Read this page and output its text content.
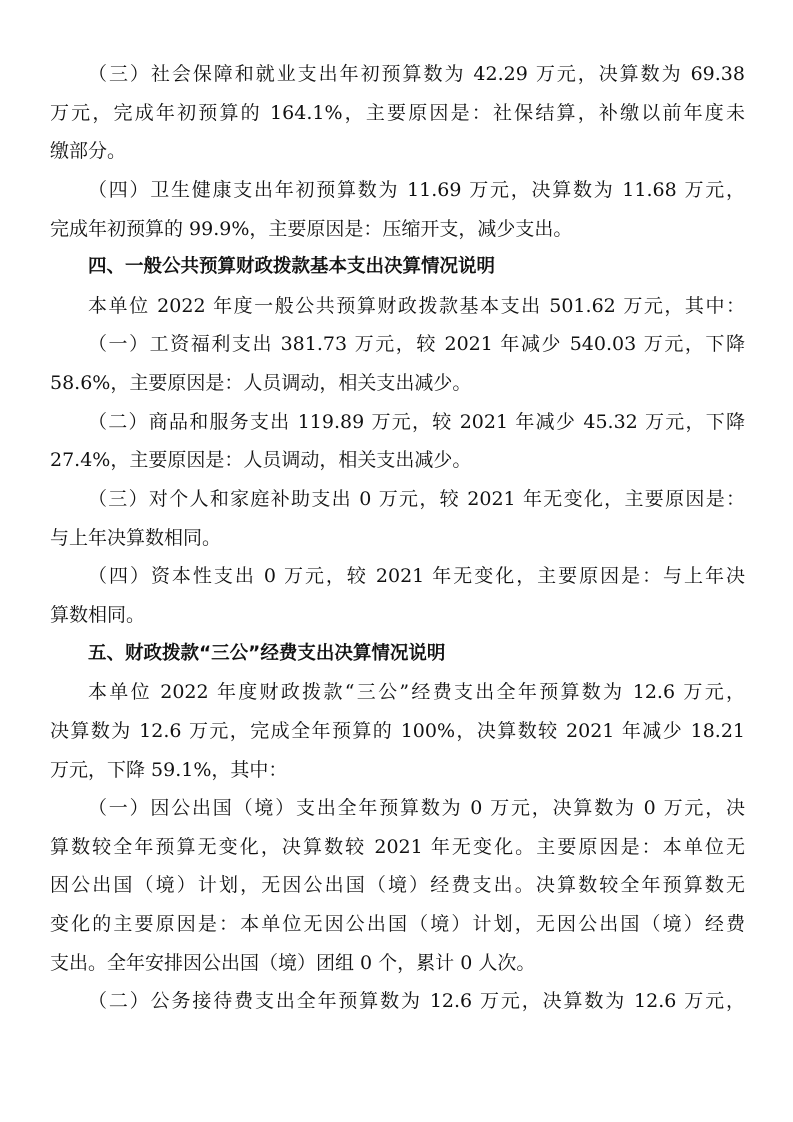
（三）社会保障和就业支出年初预算数为 42.29 万元，决算数为 69.38
万元，完成年初预算的 164.1%，主要原因是：社保结算，补缴以前年度未
缴部分。
（四）卫生健康支出年初预算数为 11.69 万元，决算数为 11.68 万元，
完成年初预算的 99.9%，主要原因是：压缩开支，减少支出。
四、一般公共预算财政拨款基本支出决算情况说明
本单位 2022 年度一般公共预算财政拨款基本支出 501.62 万元，其中：
（一）工资福利支出 381.73 万元，较 2021 年减少 540.03 万元，下降
58.6%，主要原因是：人员调动，相关支出减少。
（二）商品和服务支出 119.89 万元，较 2021 年减少 45.32 万元，下降
27.4%，主要原因是：人员调动，相关支出减少。
（三）对个人和家庭补助支出 0 万元，较 2021 年无变化，主要原因是：
与上年决算数相同。
（四）资本性支出 0 万元，较 2021 年无变化，主要原因是：与上年决
算数相同。
五、财政拨款“三公”经费支出决算情况说明
本单位 2022 年度财政拨款“三公”经费支出全年预算数为 12.6 万元，
决算数为 12.6 万元，完成全年预算的 100%，决算数较 2021 年减少 18.21
万元，下降 59.1%，其中：
（一）因公出国（境）支出全年预算数为 0 万元，决算数为 0 万元，决
算数较全年预算无变化，决算数较 2021 年无变化。主要原因是：本单位无
因公出国（境）计划，无因公出国（境）经费支出。决算数较全年预算数无
变化的主要原因是：本单位无因公出国（境）计划，无因公出国（境）经费
支出。全年安排因公出国（境）团组 0 个，累计 0 人次。
（二）公务接待费支出全年预算数为 12.6 万元，决算数为 12.6 万元，
